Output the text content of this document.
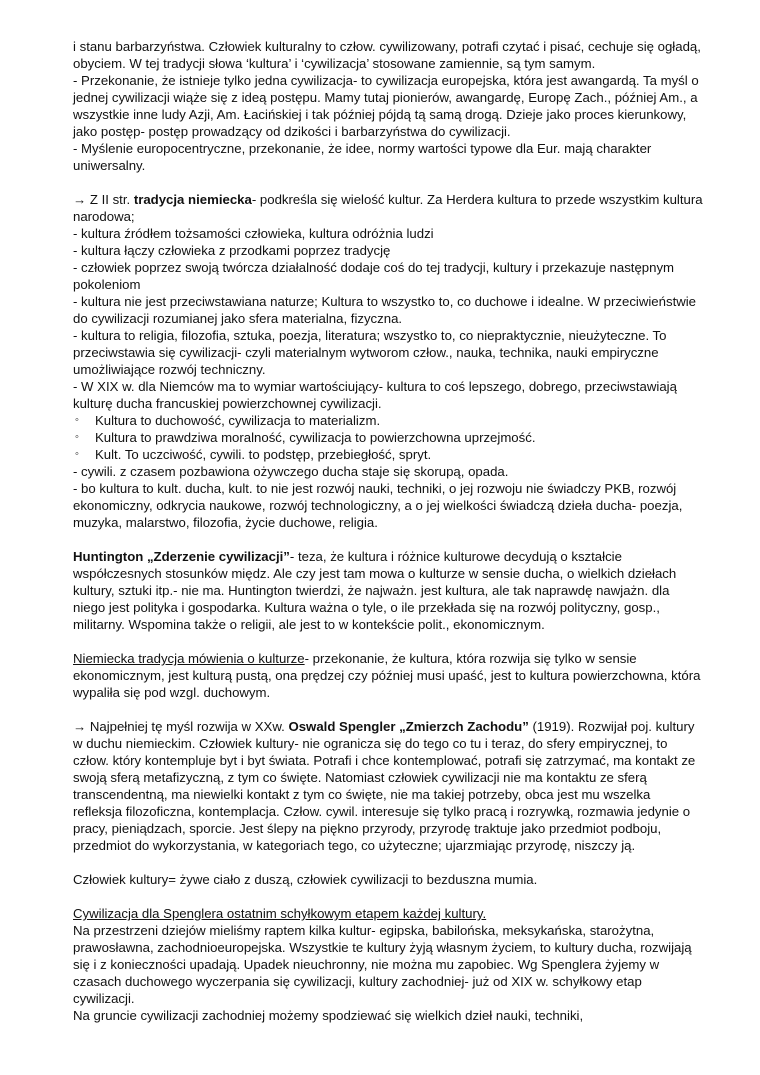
i stanu barbarzyństwa. Człowiek kulturalny to człow. cywilizowany, potrafi czytać i pisać, cechuje się ogładą, obyciem. W tej tradycji słowa ‘kultura’ i ‘cywilizacja’ stosowane zamiennie, są tym samym.

- Przekonanie, że istnieje tylko jedna cywilizacja- to cywilizacja europejska, która jest awangardą. Ta myśl o jednej cywilizacji wiąże się z ideą postępu. Mamy tutaj pionierów, awangardę, Europę Zach., później Am., a wszystkie inne ludy Azji, Am. Łacińskiej i tak później pójdą tą samą drogą. Dzieje jako proces kierunkowy, jako postęp- postęp prowadzący od dzikości i barbarzyństwa do cywilizacji.

- Myślenie europocentryczne, przekonanie, że idee, normy wartości typowe dla Eur. mają charakter uniwersalny.

→ Z II str. tradycja niemiecka- podkreśla się wielość kultur. Za Herdera kultura to przede wszystkim kultura narodowa;

- kultura źródłem tożsamości człowieka, kultura odróżnia ludzi

- kultura łączy człowieka z przodkami poprzez tradycję

- człowiek poprzez swoją twórcza działalność dodaje coś do tej tradycji, kultury i przekazuje następnym pokoleniom

- kultura nie jest przeciwstawiana naturze; Kultura to wszystko to, co duchowe i idealne. W przeciwieństwie do cywilizacji rozumianej jako sfera materialna, fizyczna.

- kultura to religia, filozofia, sztuka, poezja, literatura; wszystko to, co niepraktycznie, nieużyteczne. To przeciwstawia się cywilizacji- czyli materialnym wytworom człow., nauka, technika, nauki empiryczne umożliwiające rozwój techniczny.

- W XIX w. dla Niemców ma to wymiar wartościujący- kultura to coś lepszego, dobrego, przeciwstawiają kulturę ducha francuskiej powierzchownej cywilizacji.

◦ Kultura to duchowość, cywilizacja to materializm.
◦ Kultura to prawdziwa moralność, cywilizacja to powierzchowna uprzejmość.
◦ Kult. To uczciwość, cywili. to podstęp, przebiegłość, spryt.

- cywili. z czasem pozbawiona ożywczego ducha staje się skorupą, opada.

- bo kultura to kult. ducha, kult. to nie jest rozwój nauki, techniki, o jej rozwoju nie świadczy PKB, rozwój ekonomiczny, odkrycia naukowe, rozwój technologiczny, a o jej wielkości świadczą dzieła ducha- poezja, muzyka, malarstwo, filozofia, życie duchowe, religia.

Huntington „Zderzenie cywilizacji”- teza, że kultura i różnice kulturowe decydują o kształcie współczesnych stosunków międz. Ale czy jest tam mowa o kulturze w sensie ducha, o wielkich dziełach kultury, sztuki itp.- nie ma. Huntington twierdzi, że najważn. jest kultura, ale tak naprawdę nawjażn. dla niego jest polityka i gospodarka. Kultura ważna o tyle, o ile przekłada się na rozwój polityczny, gosp., militarny. Wspomina także o religii, ale jest to w kontekście polit., ekonomicznym.

Niemiecka tradycja mówienia o kulturze- przekonanie, że kultura, która rozwija się tylko w sensie ekonomicznym, jest kulturą pustą, ona prędzej czy później musi upaść, jest to kultura powierzchowna, która wypaliła się pod wzgl. duchowym.

→ Najpełniej tę myśl rozwija w XXw. Oswald Spengler „Zmierzch Zachodu” (1919). Rozwijał poj. kultury w duchu niemieckim. Człowiek kultury- nie ogranicza się do tego co tu i teraz, do sfery empirycznej, to człow. który kontempluje byt i byt świata. Potrafi i chce kontemplować, potrafi się zatrzymać, ma kontakt ze swoją sferą metafizyczną, z tym co święte. Natomiast człowiek cywilizacji nie ma kontaktu ze sferą transcendentną, ma niewielki kontakt z tym co święte, nie ma takiej potrzeby, obca jest mu wszelka refleksja filozoficzna, kontemplacja. Człow. cywil. interesuje się tylko pracą i rozrywką, rozmawia jedynie o pracy, pieniądzach, sporcie. Jest ślepy na piękno przyrody, przyrodę traktuje jako przedmiot podboju, przedmiot do wykorzystania, w kategoriach tego, co użyteczne; ujarzmiając przyrodę, niszczy ją.

Człowiek kultury= żywe ciało z duszą, człowiek cywilizacji to bezduszna mumia.

Cywilizacja dla Spenglera ostatnim schyłkowym etapem każdej kultury.

Na przestrzeni dziejów mieliśmy raptem kilka kultur- egipska, babilońska, meksykańska, starożytna, prawosławna, zachodnioeuropejska. Wszystkie te kultury żyją własnym życiem, to kultury ducha, rozwijają się i z konieczności upadają. Upadek nieuchronny, nie można mu zapobiec. Wg Spenglera żyjemy w czasach duchowego wyczerpania się cywilizacji, kultury zachodniej- już od XIX w. schyłkowy etap cywilizacji.

Na gruncie cywilizacji zachodniej możemy spodziewać się wielkich dzieł nauki, techniki,
